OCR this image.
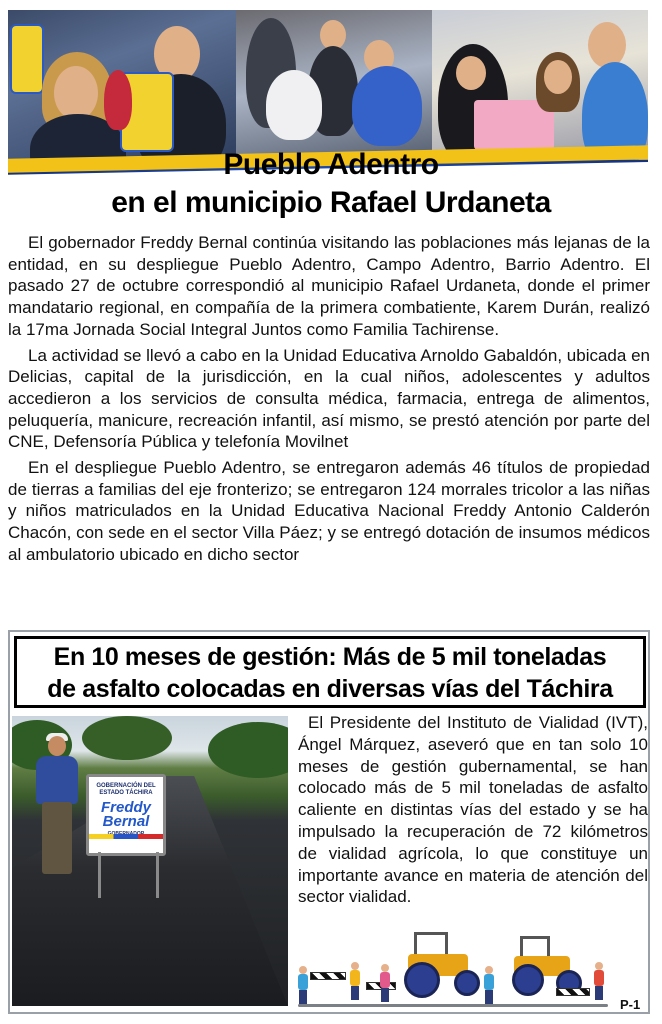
Pueblo Adentro
en el municipio Rafael Urdaneta

El gobernador Freddy Bernal continúa visitando las poblaciones más lejanas de la entidad, en su despliegue Pueblo Adentro, Campo Adentro, Barrio Adentro. El pasado 27 de octubre correspondió al municipio Rafael Urdaneta, donde el primer mandatario regional, en compañía de la primera combatiente, Karem Durán, realizó la 17ma Jornada Social Integral Juntos como Familia Tachirense.

La actividad se llevó a cabo en la Unidad Educativa Arnoldo Gabaldón, ubicada en Delicias, capital de la jurisdicción, en la cual niños, adolescentes y adultos accedieron a los servicios de consulta médica, farmacia, entrega de alimentos, peluquería, manicure, recreación infantil, así mismo, se prestó atención por parte del CNE, Defensoría Pública y telefonía Movilnet

En el despliegue Pueblo Adentro, se entregaron además 46 títulos de propiedad de tierras a familias del eje fronterizo; se entregaron 124 morrales tricolor a las niñas y niños matriculados en la Unidad Educativa Nacional Freddy Antonio Calderón Chacón, con sede en el sector Villa Páez; y se entregó dotación de insumos médicos al ambulatorio ubicado en dicho sector

En 10 meses de gestión: Más de 5 mil toneladas
de asfalto colocadas en diversas vías del Táchira
GOBERNACIÓN DEL ESTADO TÁCHIRA
Freddy Bernal

El Presidente del Instituto de Vialidad (IVT), Ángel Márquez, aseveró que en tan solo 10 meses de gestión gubernamental, se han colocado más de 5 mil toneladas de asfalto caliente en distintas vías del estado y se ha impulsado la recuperación de 72 kilómetros de vialidad agrícola, lo que constituye un importante avance en materia de atención del sector vialidad.

P-1
